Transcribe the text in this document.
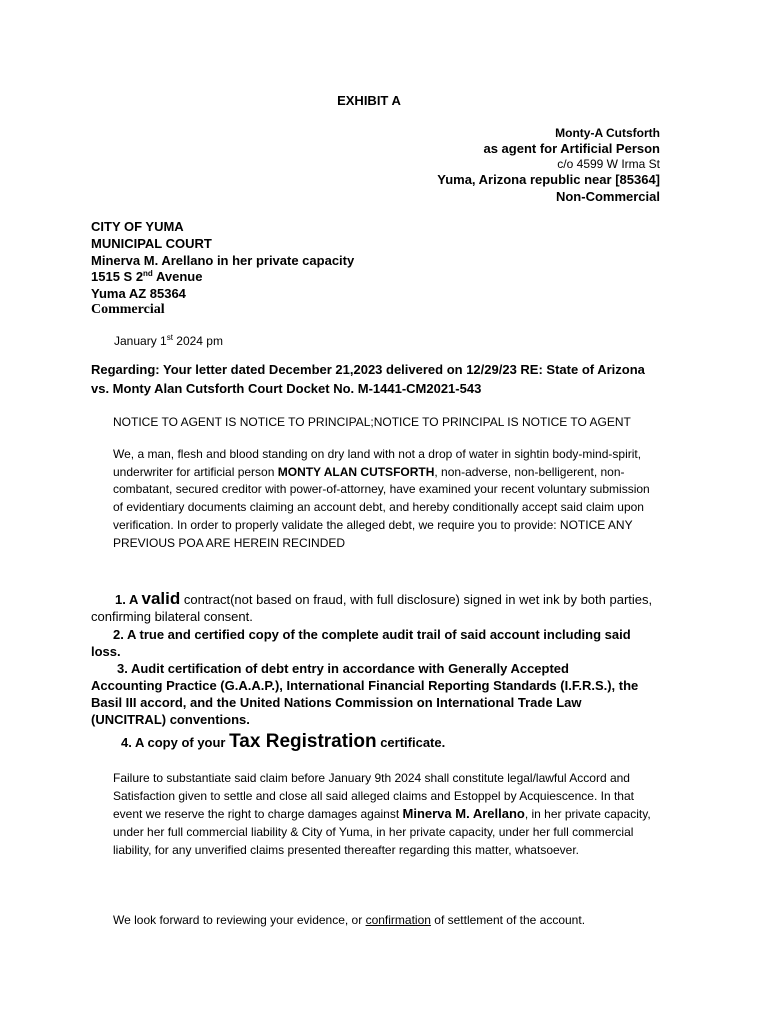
EXHIBIT A
Monty-A Cutsforth
as agent for Artificial Person
c/o 4599 W Irma St
Yuma, Arizona republic near [85364]
Non-Commercial
CITY OF YUMA
MUNICIPAL COURT
Minerva M. Arellano in her private capacity
1515 S 2nd Avenue
Yuma AZ 85364
Commercial
January 1st 2024 pm
Regarding: Your letter dated December 21,2023 delivered on 12/29/23 RE: State of Arizona vs. Monty Alan Cutsforth Court Docket No. M-1441-CM2021-543
NOTICE TO AGENT IS NOTICE TO PRINCIPAL;NOTICE TO PRINCIPAL IS NOTICE TO AGENT
We, a man, flesh and blood standing on dry land with not a drop of water in sightin body-mind-spirit, underwriter for artificial person MONTY ALAN CUTSFORTH, non-adverse, non-belligerent, non-combatant, secured creditor with power-of-attorney, have examined your recent voluntary submission of evidentiary documents claiming an account debt, and hereby conditionally accept said claim upon verification. In order to properly validate the alleged debt, we require you to provide: NOTICE ANY PREVIOUS POA ARE HEREIN RECINDED
1. A valid contract(not based on fraud, with full disclosure) signed in wet ink by both parties,
confirming bilateral consent.
2. A true and certified copy of the complete audit trail of said account including said
loss.
3. Audit certification of debt entry in accordance with Generally Accepted
Accounting Practice (G.A.A.P.), International Financial Reporting Standards (I.F.R.S.), the
Basil III accord, and the United Nations Commission on International Trade Law
(UNCITRAL) conventions.
4. A copy of your Tax Registration certificate.
Failure to substantiate said claim before January 9th 2024 shall constitute legal/lawful Accord and Satisfaction given to settle and close all said alleged claims and Estoppel by Acquiescence. In that event we reserve the right to charge damages against Minerva M. Arellano, in her private capacity, under her full commercial liability & City of Yuma, in her private capacity, under her full commercial liability, for any unverified claims presented thereafter regarding this matter, whatsoever.
We look forward to reviewing your evidence, or confirmation of settlement of the account.
